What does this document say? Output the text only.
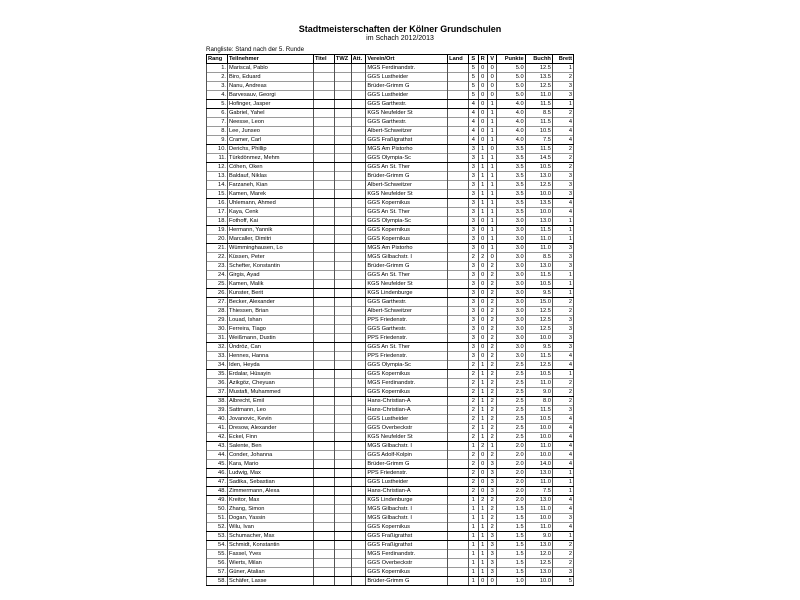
Stadtmeisterschaften der Kölner Grundschulen
im Schach 2012/2013
Rangliste: Stand nach der 5. Runde
Rang	Teilnehmer	Titel	TWZ	Att.	Verein/Ort	Land	S	R	V	Punkte	Buchh	Brett
1.	Mariscal, Pablo				MGS Ferdinandstr.		5	0	0	5.0	12.5	1
2.	Biro, Eduard				GGS Lustheider		5	0	0	5.0	13.5	2
3.	Nanu, Andreas				Brüder-Grimm G		5	0	0	5.0	12.5	3
4.	Barvesauv, Georgi				GGS Lustheider		5	0	0	5.0	11.0	3
5.	Hofinger, Jasper				GGS Garthestr.		4	0	1	4.0	11.5	1
6.	Gabriel, Yahel				KGS Neufelder St		4	0	1	4.0	8.5	2
7.	Neesse, Leon				GGS Garthestr.		4	0	1	4.0	11.5	4
8.	Lee, Junseo				Albert-Schweitzer		4	0	1	4.0	10.5	4
9.	Cramer, Carl				GGS Fraßigrathst		4	0	1	4.0	7.5	4
10.	Derichs, Phillip				MGS Am Pistorho		3	1	0	3.5	11.5	2
11.	Türkdönmez, Mehm				GGS Olympia-Sc		3	1	1	3.5	14.5	2
12.	Cöhen, Oken				GGS An St. Ther		3	1	1	3.5	10.5	2
13.	Baldauf, Niklas				Brüder-Grimm G		3	1	1	3.5	13.0	3
14.	Farzaneh, Kian				Albert-Schweitzer		3	1	1	3.5	12.5	3
15.	Kamen, Marek				KGS Neufelder St		3	1	1	3.5	10.0	3
16.	Uhlemann, Ahmed				GGS Kopernikus		3	1	1	3.5	13.5	4
17.	Kaya, Cenk				GGS An St. Ther		3	1	1	3.5	10.0	4
18.	Fothoff, Kai				GGS Olympia-Sc		3	0	1	3.0	13.0	1
19.	Hermann, Yannik				GGS Kopernikus		3	0	1	3.0	11.5	1
20.	Marcaller, Dimitri				GGS Kopernikus		3	0	1	3.0	11.0	1
21.	Wümminghausen, Lo				MGS Am Pistorho		3	0	1	3.0	11.0	3
22.	Küssen, Peter				MGS Gilbachstr. I		2	2	0	3.0	8.5	3
23.	Schefter, Konstantin				Brüder-Grimm G		3	0	2	3.0	13.0	3
24.	Girgis, Ayad				GGS An St. Ther		3	0	2	3.0	11.5	1
25.	Kamen, Malik				KGS Neufelder St		3	0	2	3.0	10.5	1
26.	Kunster, Berit				KGS Lindenburge		3	0	2	3.0	9.5	1
27.	Becker, Alexander				GGS Garthestr.		3	0	2	3.0	15.0	2
28.	Thiessen, Brian				Albert-Schweitzer		3	0	2	3.0	12.5	2
29.	Louad, Ishan				PPS Friedenstr.		3	0	2	3.0	12.5	3
30.	Ferreira, Tiago				GGS Garthestr.		3	0	2	3.0	12.5	3
31.	Weißmann, Dustin				PPS Friedenstr.		3	0	2	3.0	10.0	3
32.	Ündröz, Can				GGS An St. Ther		3	0	2	3.0	9.5	3
33.	Hennes, Hanna				PPS Friedenstr.		3	0	2	3.0	11.5	4
34.	Iden, Heyda				GGS Olympia-Sc		2	1	2	2.5	12.5	4
35.	Erdalar, Hüsayin				GGS Kopernikus		2	1	2	2.5	10.5	1
36.	Azikgöz, Cheyuan				MGS Ferdinandstr.		2	1	2	2.5	11.0	2
37.	Mustafi, Muhammed				GGS Kopernikus		2	1	2	2.5	9.0	2
38.	Albrecht, Emil				Hans-Christian-A		2	1	2	2.5	8.0	2
39.	Sattmann, Leo				Hans-Christian-A		2	1	2	2.5	11.5	3
40.	Jovanovic, Kevin				GGS Lustheider		2	1	2	2.5	10.5	4
41.	Dresow, Alexander				GGS Overbeckstr		2	1	2	2.5	10.0	4
42.	Eckel, Finn				KGS Neufelder St		2	1	2	2.5	10.0	4
43.	Salente, Ben				MGS Gilbachstr. I		1	2	1	2.0	11.0	4
44.	Conder, Johanna				GGS Adolf-Kolpin		2	0	2	2.0	10.0	4
45.	Kara, Mario				Brüder-Grimm G		2	0	3	2.0	14.0	4
46.	Ludwig, Max				PPS Friedenstr.		2	0	3	2.0	13.0	1
47.	Sadika, Sebastian				GGS Lustheider		2	0	3	2.0	11.0	1
48.	Zimmermann, Alexa				Hans-Christian-A		2	0	3	2.0	7.5	1
49.	Kreitor, Max				KGS Lindenburge		1	2	2	2.0	13.0	4
50.	Zhang, Simon				MGS Gilbachstr. I		1	1	2	1.5	11.0	4
51.	Dogan, Yassin				MGS Gilbachstr. I		1	1	2	1.5	10.0	3
52.	Wilu, Ivan				GGS Kopernikus		1	1	2	1.5	11.0	4
53.	Schumacher, Max				GGS Fraßigrathst		1	1	3	1.5	9.0	1
54.	Schmidt, Konstantin				GGS Fraßigrathst		1	1	3	1.5	13.0	2
55.	Fassel, Yves				MGS Ferdinandstr.		1	1	3	1.5	12.0	2
56.	Wierts, Milan				GGS Overbeckstr		1	1	3	1.5	12.5	2
57.	Güner, Atalian				GGS Kopernikus		1	1	3	1.5	13.0	3
58.	Schäfer, Lasse				Brüder-Grimm G		1	0	0	1.0	10.0	5
